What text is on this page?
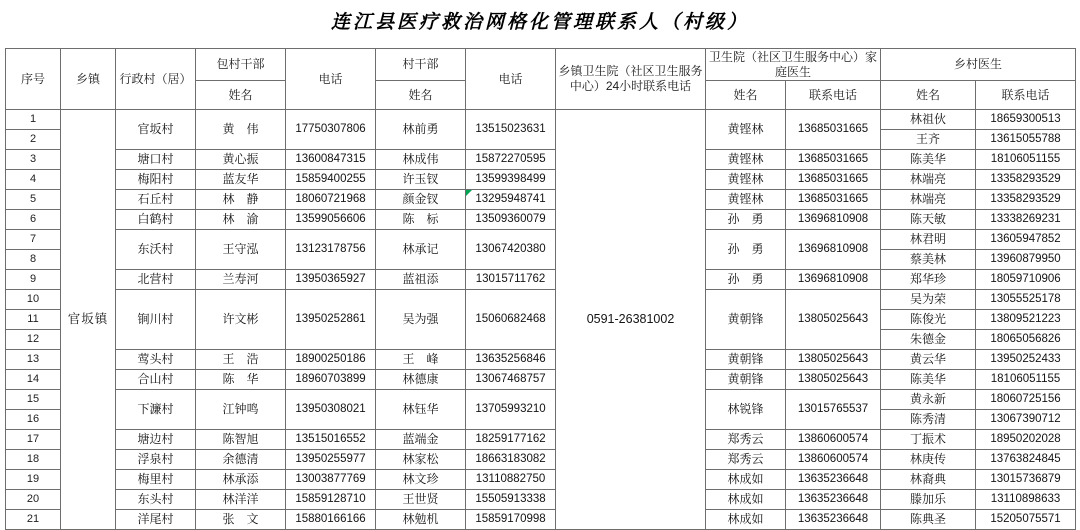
连江县医疗救治网格化管理联系人（村级）
序号	乡镇	行政村（居）	包村干部	电话	村干部	电话	乡镇卫生院（社区卫生服务中心）24小时联系电话	卫生院（社区卫生服务中心）家庭医生		乡村医生	
			姓名		姓名			姓名	联系电话	姓名	联系电话
1	官坂镇	官坂村	黄　伟	17750307806	林前勇	13515023631	0591-26381002	黄铿林	13685031665	林祖伙	18659300513
2										王齐	13615055788
3		塘口村	黄心振	13600847315	林成伟	15872270595		黄铿林	13685031665	陈美华	18106051155
4		梅阳村	蓝友华	15859400255	许玉钗	13599398499		黄铿林	13685031665	林端亮	13358293529
5		石丘村	林　静	18060721968	颜金钗	13295948741		黄铿林	13685031665	林端亮	13358293529
6		白鹤村	林　渝	13599056606	陈　标	13509360079		孙　勇	13696810908	陈天敏	13338269231
7		东沃村	王守泓	13123178756	林承记	13067420380		孙　勇	13696810908	林君明	13605947852
8										蔡美林	13960879950
9		北营村	兰寿河	13950365927	蓝祖添	13015711762		孙　勇	13696810908	郑华珍	18059710906
10		锏川村	许文彬	13950252861	吴为强	15060682468		黄朝锋	13805025643	吴为荣	13055525178
11										陈俊光	13809521223
12										朱德金	18065056826
13		莺头村	王　浩	18900250186	王　峰	13635256846		黄朝锋	13805025643	黄云华	13950252433
14		合山村	陈　华	18960703899	林德康	13067468757		黄朝锋	13805025643	陈美华	18106051155
15		下濂村	江钟鸣	13950308021	林钰华	13705993210		林锐锋	13015765537	黄永新	18060725156
16										陈秀清	13067390712
17		塘边村	陈智旭	13515016552	蓝端金	18259177162		郑秀云	13860600574	丁振术	18950202028
18		浮泉村	余德清	13950255977	林家松	18663183082		郑秀云	13860600574	林庚传	13763824845
19		梅里村	林承添	13003877769	林文珍	13110882750		林成如	13635236648	林裔典	13015736879
20		东头村	林洋洋	15859128710	王世贤	15505913338		林成如	13635236648	滕加乐	13110898633
21		洋尾村	张　文	15880166166	林勉机	15859170998		林成如	13635236648	陈典圣	15205075571
